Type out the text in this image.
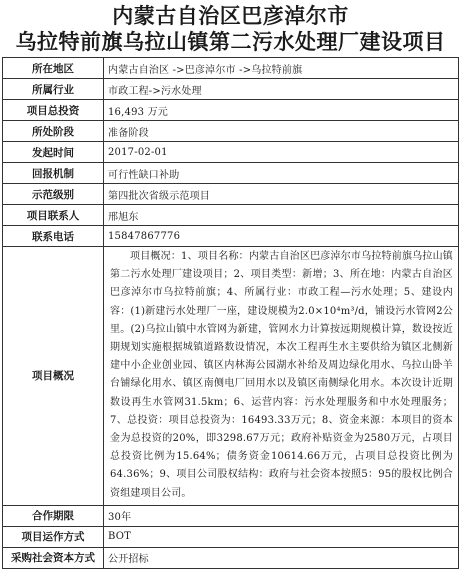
内蒙古自治区巴彦淖尔市
乌拉特前旗乌拉山镇第二污水处理厂建设项目
所在地区	内蒙古自治区 ->巴彦淖尔市 ->乌拉特前旗
所属行业	市政工程->污水处理
项目总投资	16,493 万元
所处阶段	准备阶段
发起时间	2017-02-01
回报机制	可行性缺口补助
示范级别	第四批次省级示范项目
项目联系人	邢旭东
联系电话	15847867776
项目概况	项目概况：1、项目名称：内蒙古自治区巴彦淖尔市乌拉特前旗乌拉山镇第二污水处理厂建设项目；2、项目类型：新增；3、所在地：内蒙古自治区巴彦淖尔市乌拉特前旗；4、所属行业：市政工程—污水处理；5、建设内容：(1)新建污水处理厂一座，建设规模为2.0×10⁴m³/d，铺设污水管网2公里。(2)乌拉山镇中水管网为新建，管网水力计算按远期规模计算，数设按近期规划实施根据城镇道路数设情况，本次工程再生水主要供给为镇区北侧新建中小企业创业园、镇区内林海公园湖水补给及周边绿化用水、乌拉山卧羊台铺绿化用水、镇区南侧电厂回用水以及镇区南侧绿化用水。本次设计近期数设再生水管网31.5km；6、运营内容：污水处理服务和中水处理服务；7、总投资：项目总投资为：16493.33万元；8、资金来源：本项目的资本金为总投资的20%，即3298.67万元；政府补贴资金为2580万元，占项目总投资比例为15.64%；债务资金10614.66万元，占项目总投资比例为64.36%；9、项目公司股权结构：政府与社会资本按照5：95的股权比例合资组建项目公司。
合作期限	30年
项目运作方式	BOT
采购社会资本方式	公开招标
